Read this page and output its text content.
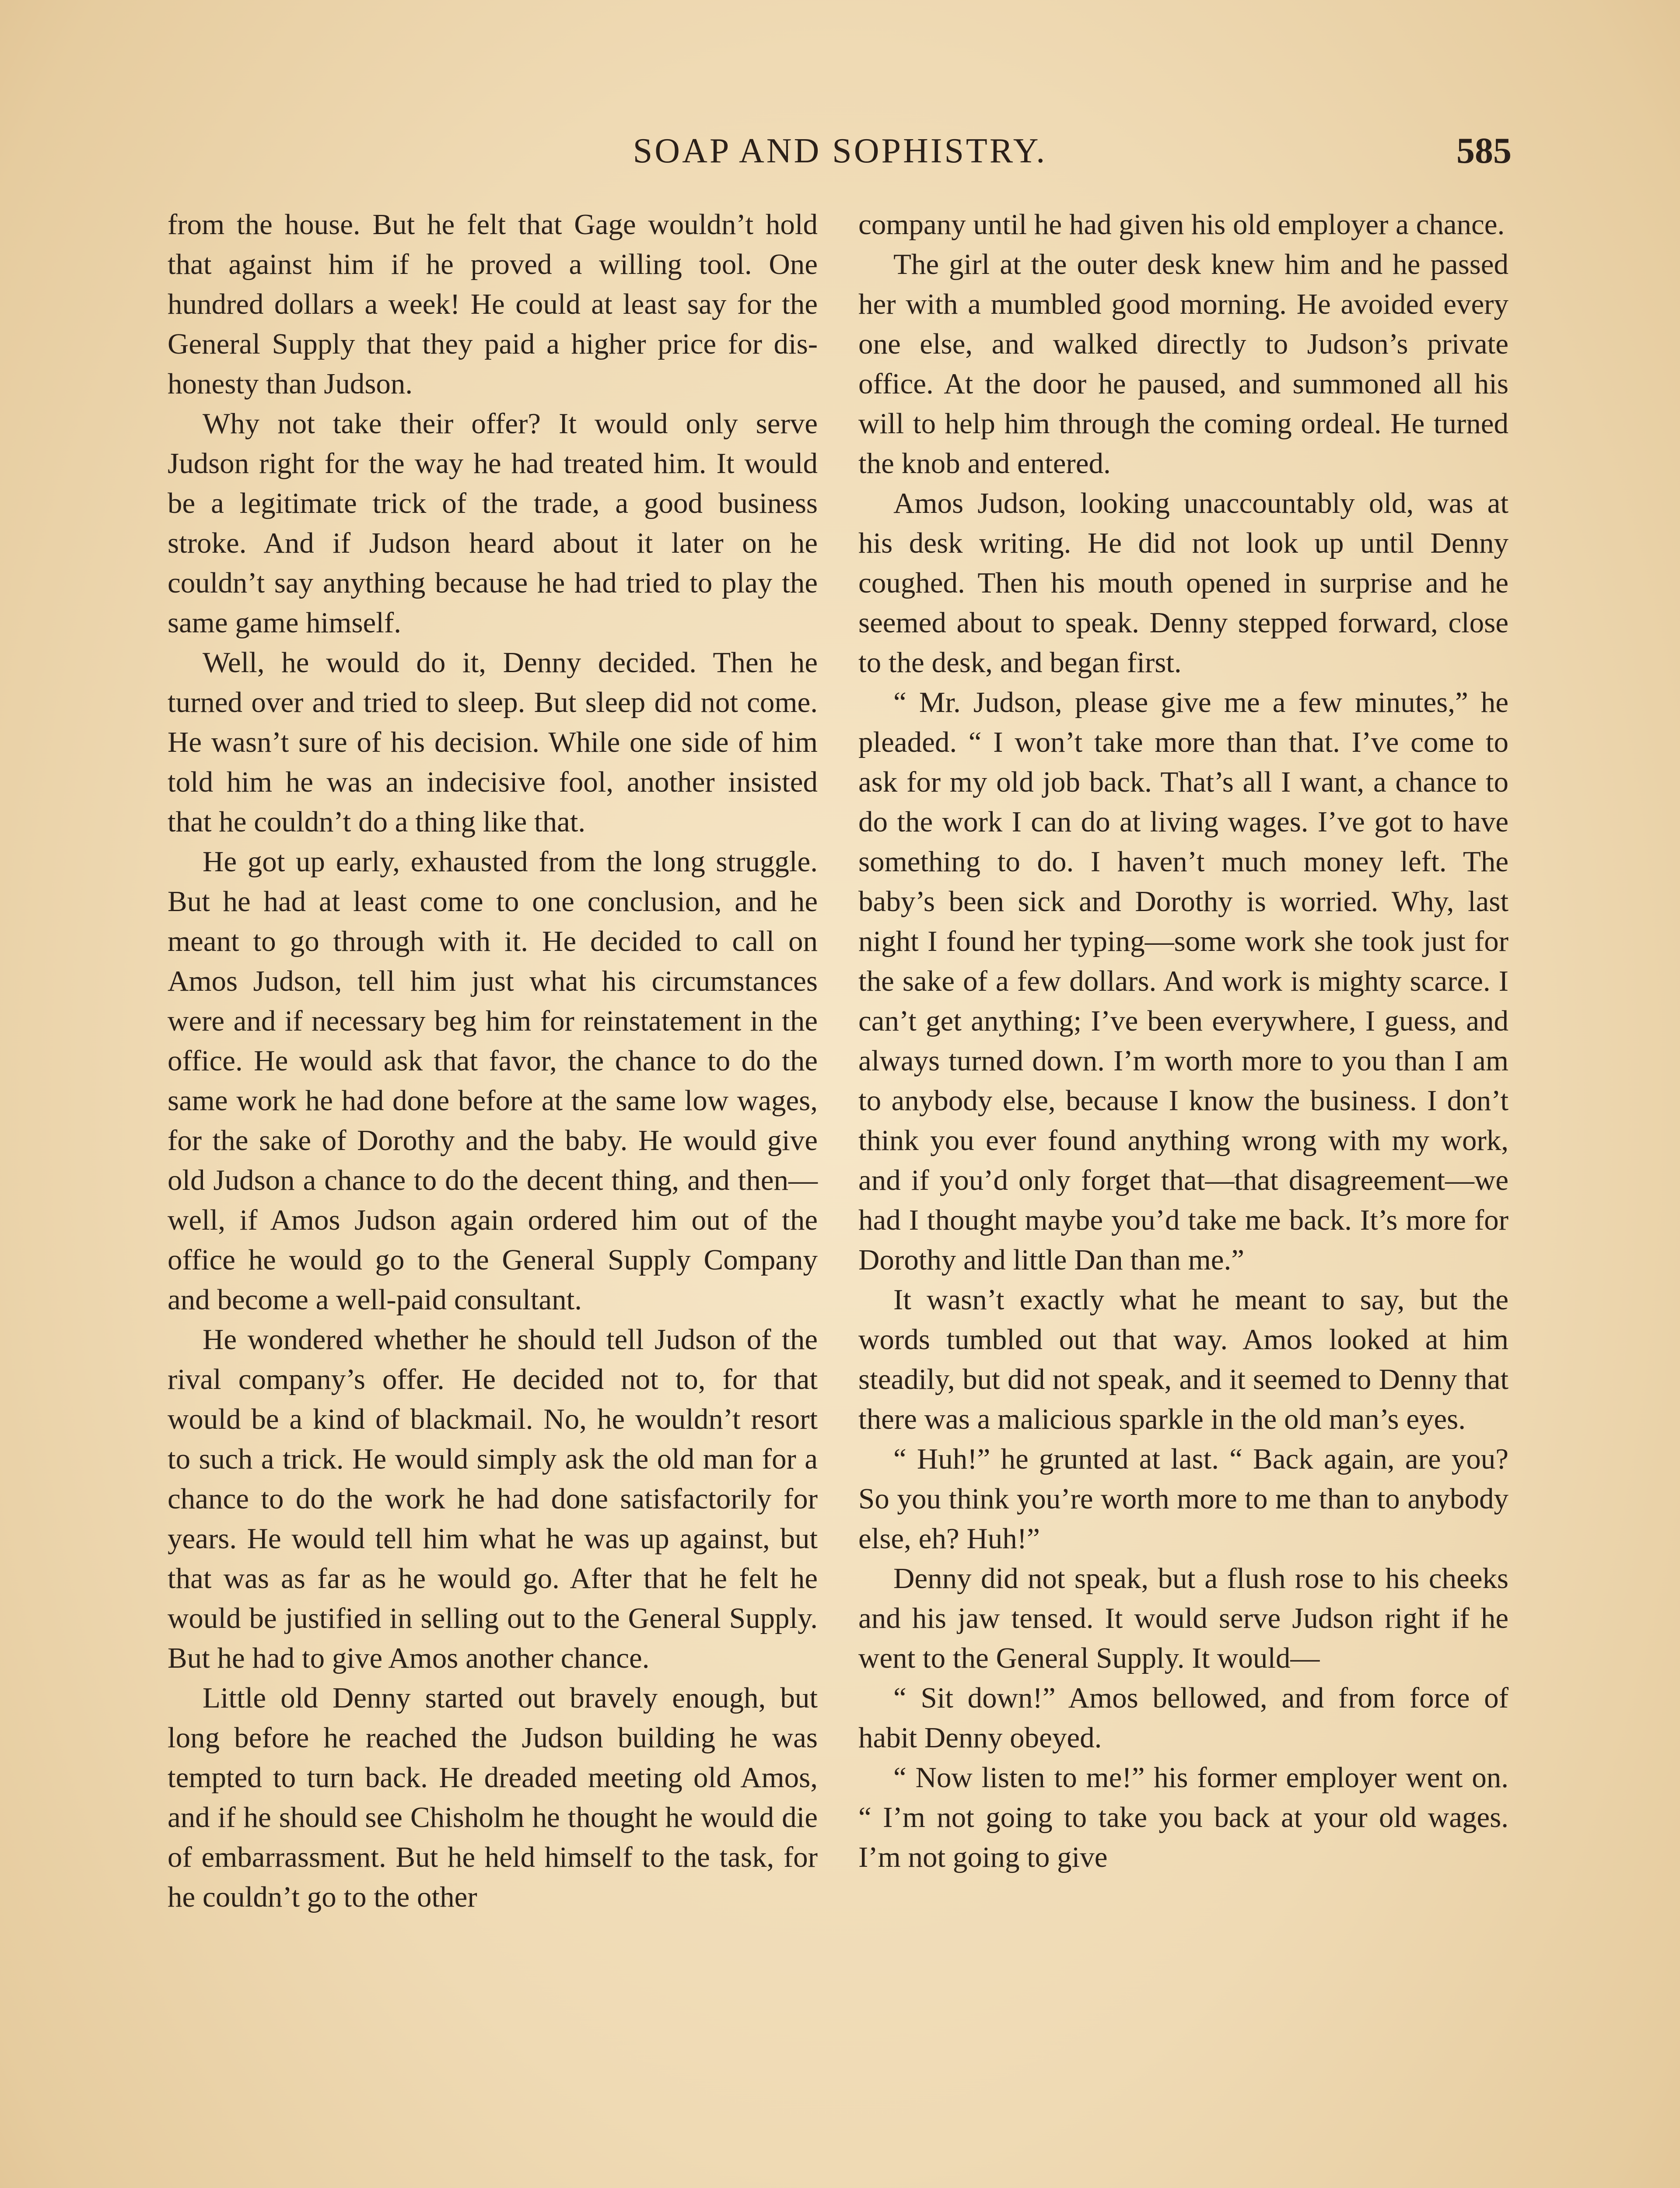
SOAP AND SOPHISTRY.	585

from the house. But he felt that Gage wouldn’t hold that against him if he proved a willing tool. One hundred dollars a week! He could at least say for the General Supply that they paid a higher price for dishonesty than Judson.

Why not take their offer? It would only serve Judson right for the way he had treated him. It would be a legitimate trick of the trade, a good business stroke. And if Judson heard about it later on he couldn’t say anything because he had tried to play the same game himself.

Well, he would do it, Denny decided. Then he turned over and tried to sleep. But sleep did not come. He wasn’t sure of his decision. While one side of him told him he was an indecisive fool, another insisted that he couldn’t do a thing like that.

He got up early, exhausted from the long struggle. But he had at least come to one conclusion, and he meant to go through with it. He decided to call on Amos Judson, tell him just what his circumstances were and if necessary beg him for reinstatement in the office. He would ask that favor, the chance to do the same work he had done before at the same low wages, for the sake of Dorothy and the baby. He would give old Judson a chance to do the decent thing, and then—well, if Amos Judson again ordered him out of the office he would go to the General Supply Company and become a well-paid consultant.

He wondered whether he should tell Judson of the rival company’s offer. He decided not to, for that would be a kind of blackmail. No, he wouldn’t resort to such a trick. He would simply ask the old man for a chance to do the work he had done satisfactorily for years. He would tell him what he was up against, but that was as far as he would go. After that he felt he would be justified in selling out to the General Supply. But he had to give Amos another chance.

Little old Denny started out bravely enough, but long before he reached the Judson building he was tempted to turn back. He dreaded meeting old Amos, and if he should see Chisholm he thought he would die of embarrassment. But he held himself to the task, for he couldn’t go to the other

company until he had given his old employer a chance.

The girl at the outer desk knew him and he passed her with a mumbled good morning. He avoided every one else, and walked directly to Judson’s private office. At the door he paused, and summoned all his will to help him through the coming ordeal. He turned the knob and entered.

Amos Judson, looking unaccountably old, was at his desk writing. He did not look up until Denny coughed. Then his mouth opened in surprise and he seemed about to speak. Denny stepped forward, close to the desk, and began first.

“ Mr. Judson, please give me a few minutes,” he pleaded. “ I won’t take more than that. I’ve come to ask for my old job back. That’s all I want, a chance to do the work I can do at living wages. I’ve got to have something to do. I haven’t much money left. The baby’s been sick and Dorothy is worried. Why, last night I found her typing—some work she took just for the sake of a few dollars. And work is mighty scarce. I can’t get anything; I’ve been everywhere, I guess, and always turned down. I’m worth more to you than I am to anybody else, because I know the business. I don’t think you ever found anything wrong with my work, and if you’d only forget that—that disagreement—we had I thought maybe you’d take me back. It’s more for Dorothy and little Dan than me.”

It wasn’t exactly what he meant to say, but the words tumbled out that way. Amos looked at him steadily, but did not speak, and it seemed to Denny that there was a malicious sparkle in the old man’s eyes.

“ Huh!” he grunted at last. “ Back again, are you? So you think you’re worth more to me than to anybody else, eh? Huh!”

Denny did not speak, but a flush rose to his cheeks and his jaw tensed. It would serve Judson right if he went to the General Supply. It would—

“ Sit down!” Amos bellowed, and from force of habit Denny obeyed.

“ Now listen to me!” his former employer went on. “ I’m not going to take you back at your old wages. I’m not going to give
